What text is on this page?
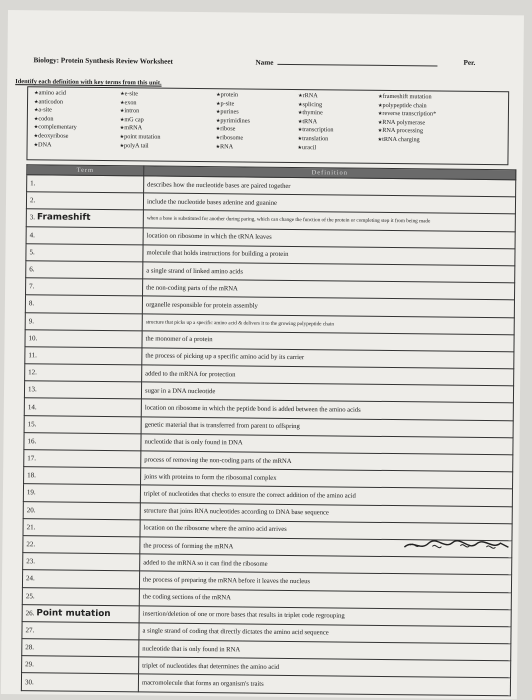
Biology: Protein Synthesis Review Worksheet	Name	Per.
Identify each definition with key terms from this unit.
★ amino acid
★ anticodon
★ a-site
★ codon
★ complementary
★ deoxyribose
★ DNA
★ e-site
★ exon
★ intron
★ mG cap
★ mRNA
★ point mutation
★ polyA tail
★ protein
★ p-site
★ purines
★ pyrimidines
★ ribose
★ ribosome
★ RNA
★ rRNA
★ splicing
★ thymine
★ tRNA
★ transcription
★ translation
★ uracil
★ frameshift mutation
★ polypeptide chain
★ reverse transcription*
★ RNA polymerase
★ RNA processing
★ tRNA charging
Term	Definition
1.	describes how the nucleotide bases are paired together
2.	include the nucleotide bases adenine and guanine
3. Frameshift	when a base is substituted for another during paring, which can change the function of the protein or completing step it from being made
4.	location on ribosome in which the tRNA leaves
5.	molecule that holds instructions for building a protein
6.	a single strand of linked amino acids
7.	the non-coding parts of the mRNA
8.	organelle responsible for protein assembly
9.	structure that picks up a specific amino acid & delivers it to the growing polypeptide chain
10.	the monomer of a protein
11.	the process of picking up a specific amino acid by its carrier
12.	added to the mRNA for protection
13.	sugar in a DNA nucleotide
14.	location on ribosome in which the peptide bond is added between the amino acids
15.	genetic material that is transferred from parent to offspring
16.	nucleotide that is only found in DNA
17.	process of removing the non-coding parts of the mRNA
18.	joins with proteins to form the ribosomal complex
19.	triplet of nucleotides that checks to ensure the correct addition of the amino acid
20.	structure that joins RNA nucleotides according to DNA base sequence
21.	location on the ribosome where the amino acid arrives
22.	the process of forming the mRNA
23.	added to the mRNA so it can find the ribosome
24.	the process of preparing the mRNA before it leaves the nucleus
25.	the coding sections of the mRNA
26. Point mutation	insertion/deletion of one or more bases that results in triplet code regrouping
27.	a single strand of coding that directly dictates the amino acid sequence
28.	nucleotide that is only found in RNA
29.	triplet of nucleotides that determines the amino acid
30.	macromolecule that forms an organism's traits
